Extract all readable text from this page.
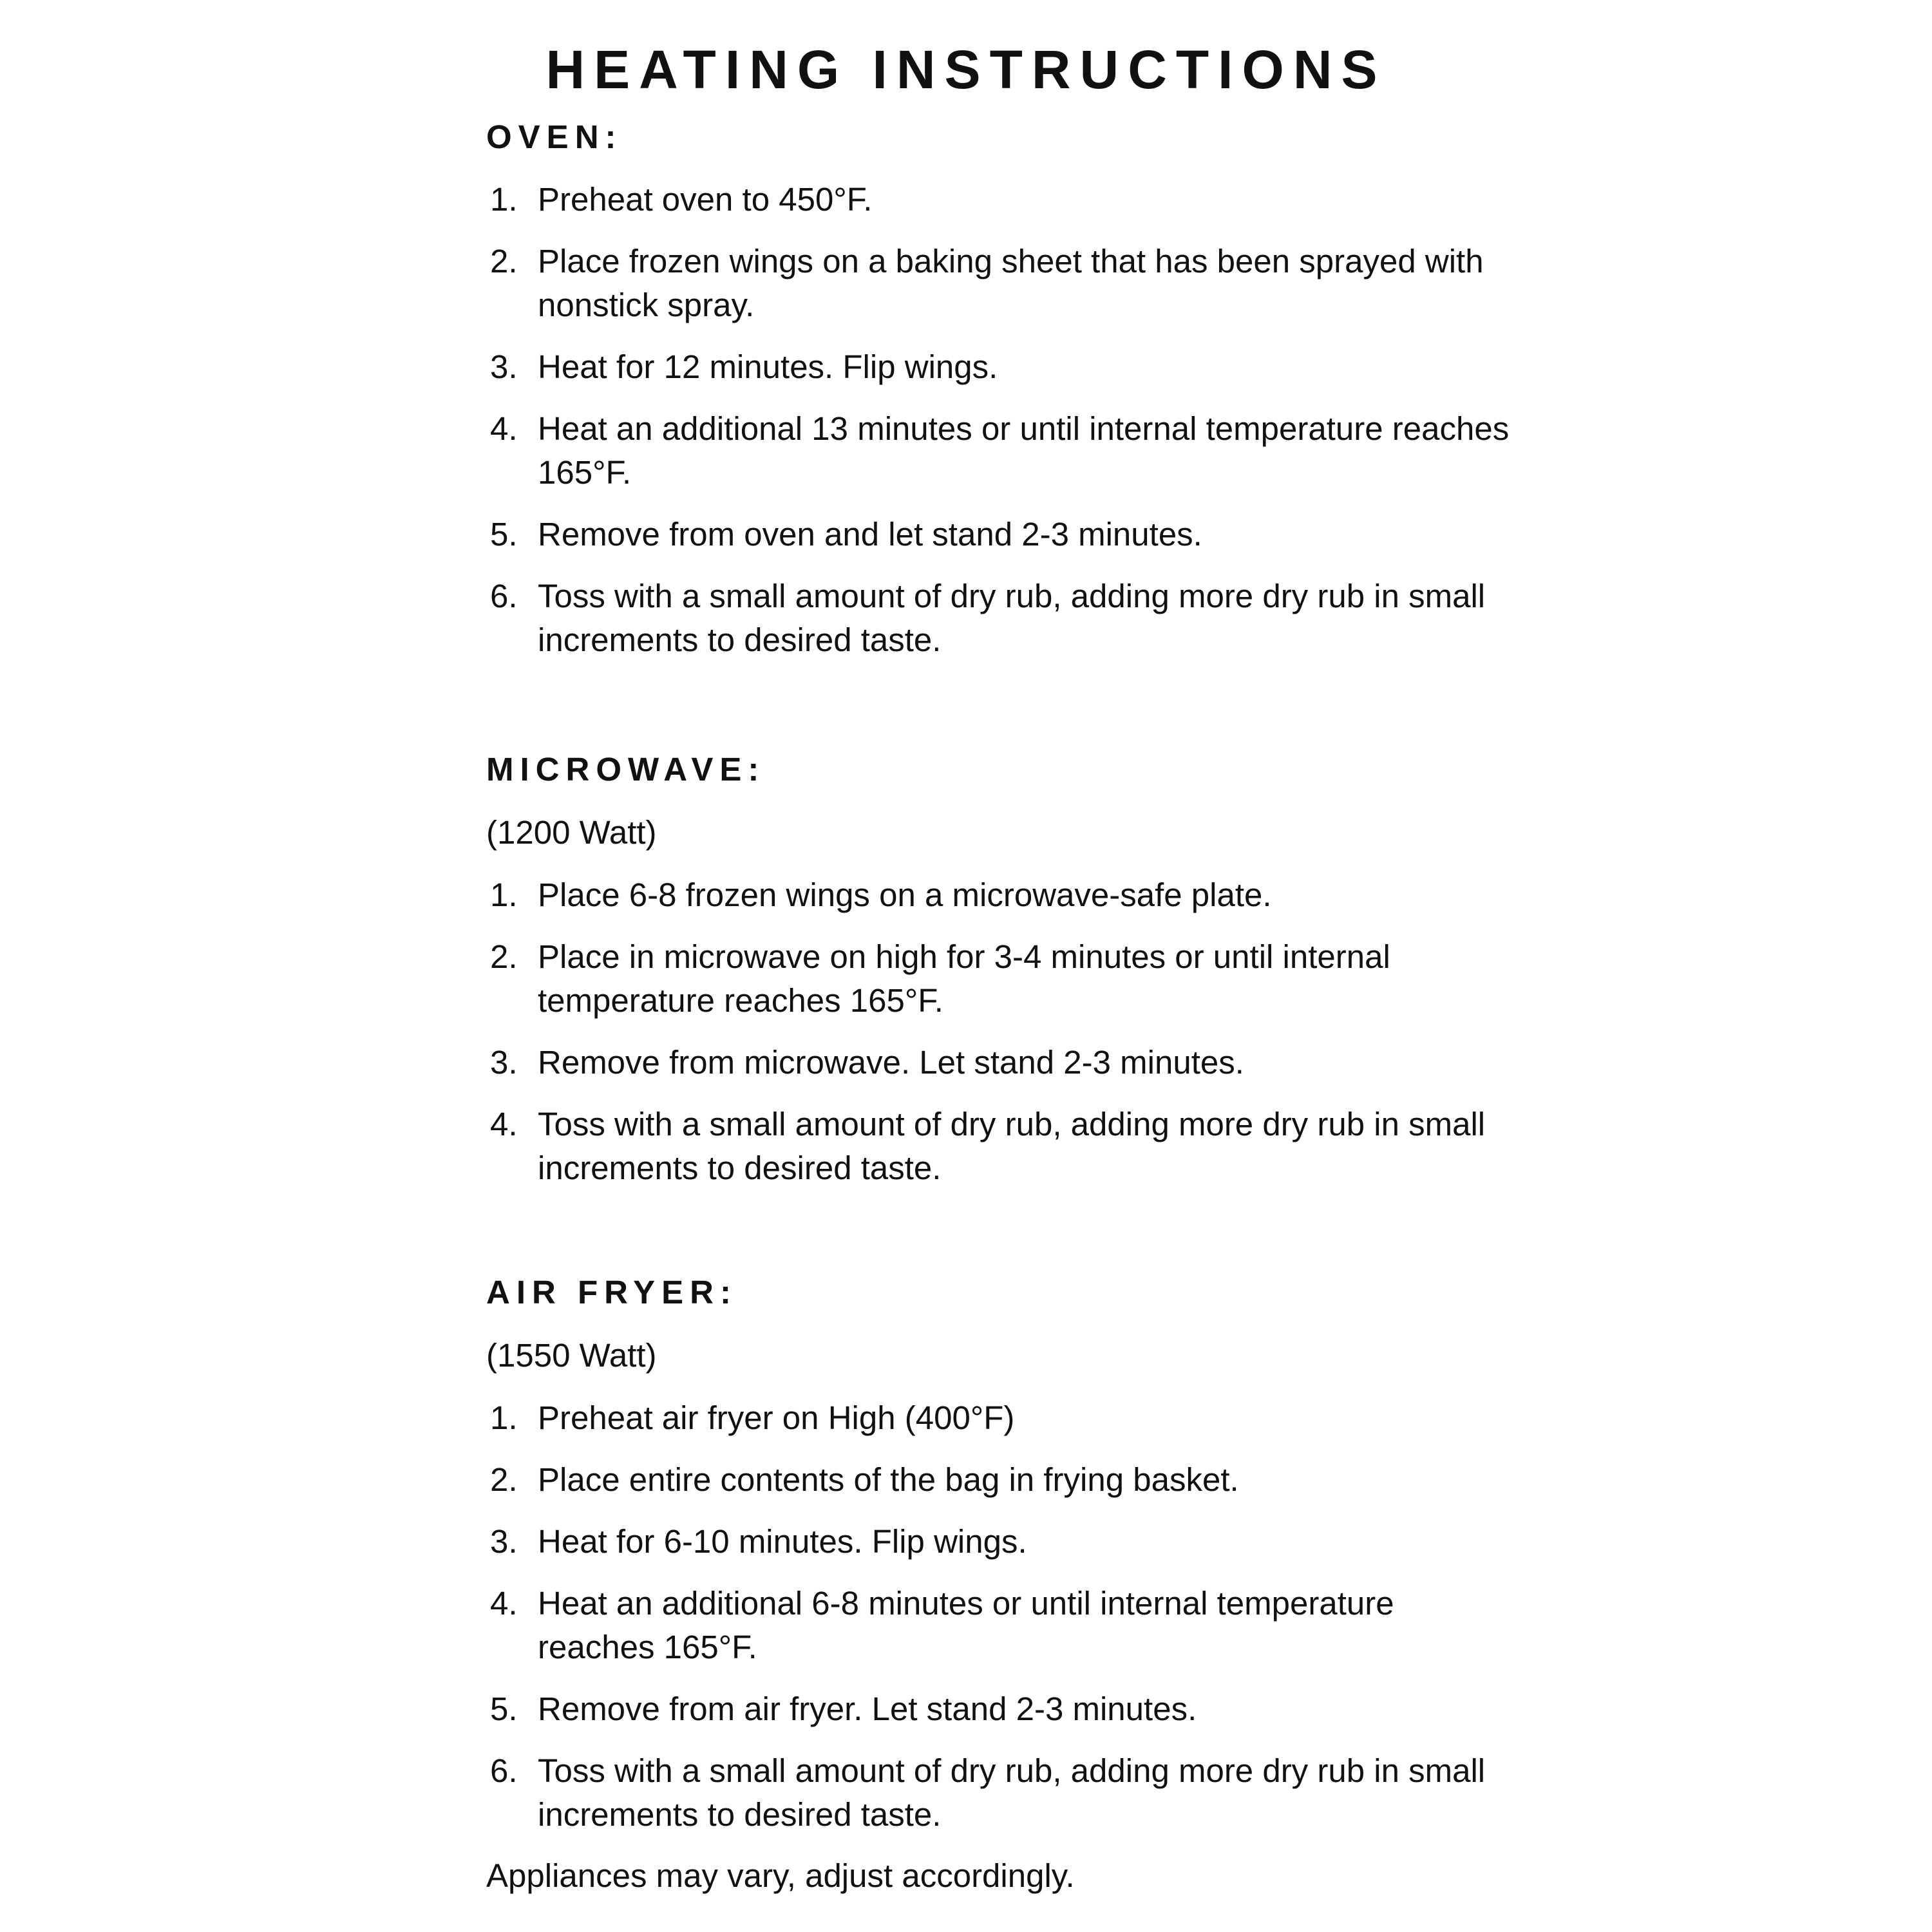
HEATING INSTRUCTIONS
OVEN:
1. Preheat oven to 450°F.
2. Place frozen wings on a baking sheet that has been sprayed with nonstick spray.
3. Heat for 12 minutes. Flip wings.
4. Heat an additional 13 minutes or until internal temperature reaches 165°F.
5. Remove from oven and let stand 2-3 minutes.
6. Toss with a small amount of dry rub, adding more dry rub in small increments to desired taste.
MICROWAVE:

(1200 Watt)

1. Place 6-8 frozen wings on a microwave-safe plate.
2. Place in microwave on high for 3-4 minutes or until internal temperature reaches 165°F.
3. Remove from microwave. Let stand 2-3 minutes.
4. Toss with a small amount of dry rub, adding more dry rub in small increments to desired taste.
AIR FRYER:

(1550 Watt)

1. Preheat air fryer on High (400°F)
2. Place entire contents of the bag in frying basket.
3. Heat for 6-10 minutes. Flip wings.
4. Heat an additional 6-8 minutes or until internal temperature reaches 165°F.
5. Remove from air fryer. Let stand 2-3 minutes.
6. Toss with a small amount of dry rub, adding more dry rub in small increments to desired taste.

Appliances may vary, adjust accordingly.
